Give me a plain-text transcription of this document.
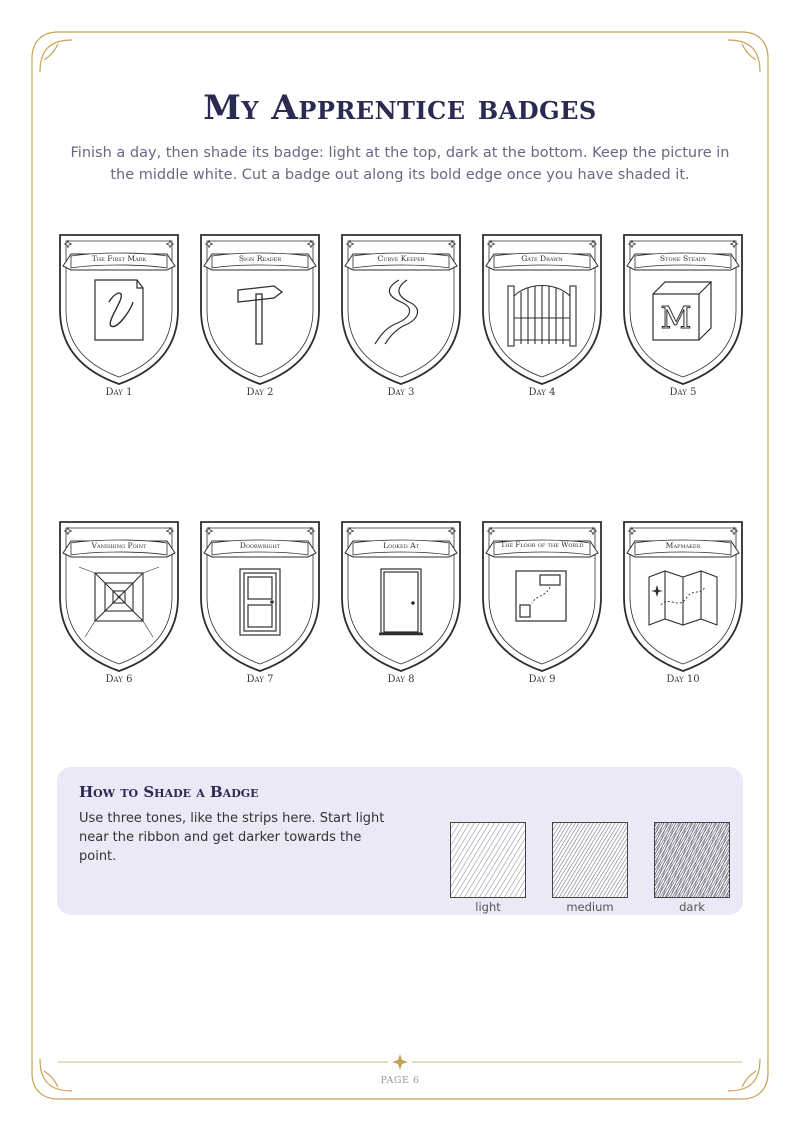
My Apprentice badges

Finish a day, then shade its badge: light at the top, dark at the bottom. Keep the picture in the middle white. Cut a badge out along its bold edge once you have shaded it.

The First Mark
Day 1
Sign Reader
Day 2
Curve Keeper
Day 3
Gate Drawn
Day 4
M
Stone Steady
Day 5
Vanishing Point
Day 6
Doorwright
Day 7
Looked At
Day 8
The Floor of the World
Day 9
Mapmaker
Day 10
How to Shade a Badge

Use three tones, like the strips here. Start light near the ribbon and get darker towards the point.

light	medium	dark
PAGE 6
